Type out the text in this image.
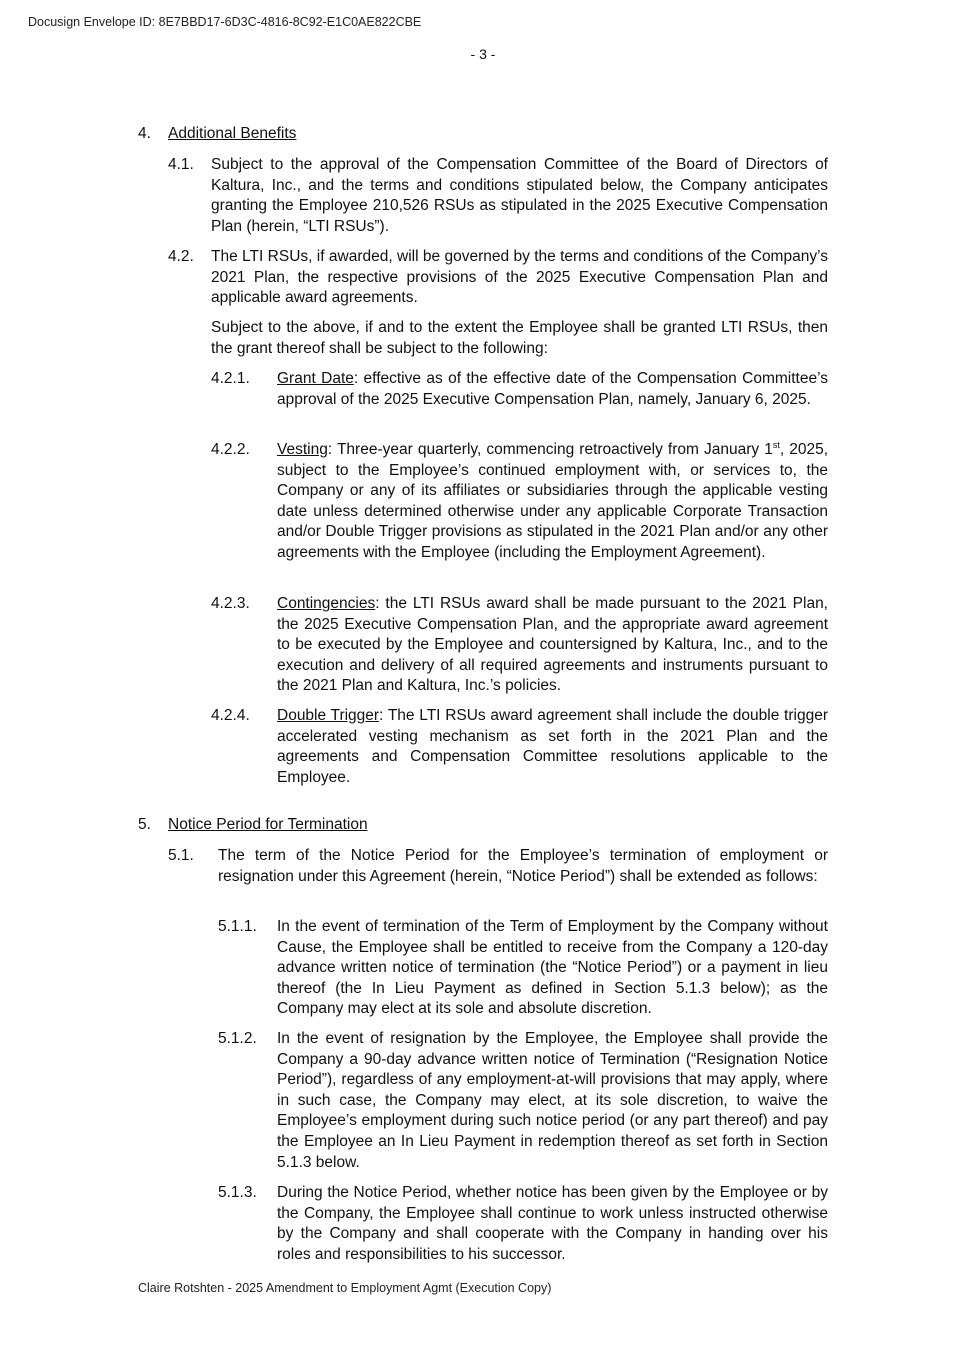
Docusign Envelope ID: 8E7BBD17-6D3C-4816-8C92-E1C0AE822CBE
- 3 -
4. Additional Benefits
4.1. Subject to the approval of the Compensation Committee of the Board of Directors of Kaltura, Inc., and the terms and conditions stipulated below, the Company anticipates granting the Employee 210,526 RSUs as stipulated in the 2025 Executive Compensation Plan (herein, “LTI RSUs”).
4.2. The LTI RSUs, if awarded, will be governed by the terms and conditions of the Company’s 2021 Plan, the respective provisions of the 2025 Executive Compensation Plan and applicable award agreements.
Subject to the above, if and to the extent the Employee shall be granted LTI RSUs, then the grant thereof shall be subject to the following:
4.2.1. Grant Date: effective as of the effective date of the Compensation Committee’s approval of the 2025 Executive Compensation Plan, namely, January 6, 2025.
4.2.2. Vesting: Three-year quarterly, commencing retroactively from January 1st, 2025, subject to the Employee’s continued employment with, or services to, the Company or any of its affiliates or subsidiaries through the applicable vesting date unless determined otherwise under any applicable Corporate Transaction and/or Double Trigger provisions as stipulated in the 2021 Plan and/or any other agreements with the Employee (including the Employment Agreement).
4.2.3. Contingencies: the LTI RSUs award shall be made pursuant to the 2021 Plan, the 2025 Executive Compensation Plan, and the appropriate award agreement to be executed by the Employee and countersigned by Kaltura, Inc., and to the execution and delivery of all required agreements and instruments pursuant to the 2021 Plan and Kaltura, Inc.’s policies.
4.2.4. Double Trigger: The LTI RSUs award agreement shall include the double trigger accelerated vesting mechanism as set forth in the 2021 Plan and the agreements and Compensation Committee resolutions applicable to the Employee.
5. Notice Period for Termination
5.1. The term of the Notice Period for the Employee’s termination of employment or resignation under this Agreement (herein, “Notice Period”) shall be extended as follows:
5.1.1. In the event of termination of the Term of Employment by the Company without Cause, the Employee shall be entitled to receive from the Company a 120-day advance written notice of termination (the “Notice Period”) or a payment in lieu thereof (the In Lieu Payment as defined in Section 5.1.3 below); as the Company may elect at its sole and absolute discretion.
5.1.2. In the event of resignation by the Employee, the Employee shall provide the Company a 90-day advance written notice of Termination (“Resignation Notice Period”), regardless of any employment-at-will provisions that may apply, where in such case, the Company may elect, at its sole discretion, to waive the Employee’s employment during such notice period (or any part thereof) and pay the Employee an In Lieu Payment in redemption thereof as set forth in Section 5.1.3 below.
5.1.3. During the Notice Period, whether notice has been given by the Employee or by the Company, the Employee shall continue to work unless instructed otherwise by the Company and shall cooperate with the Company in handing over his roles and responsibilities to his successor.
Claire Rotshten - 2025 Amendment to Employment Agmt (Execution Copy)
